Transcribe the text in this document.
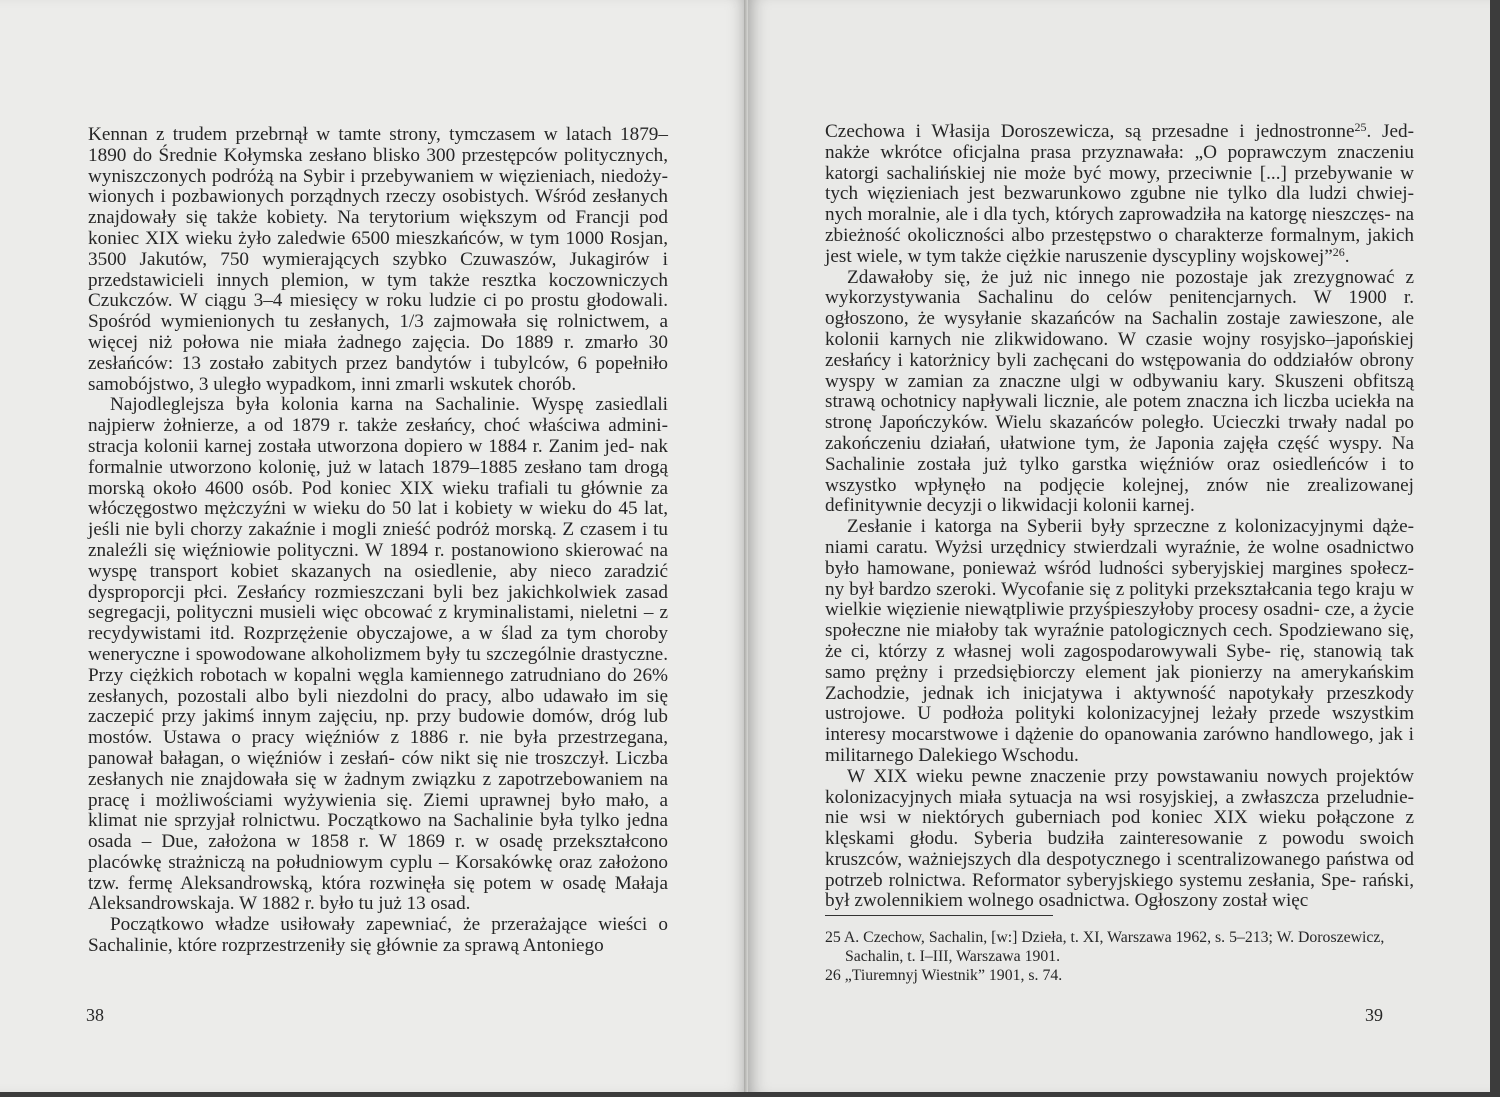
Kennan z trudem przebrnął w tamte strony, tymczasem w latach 1879– 1890 do Średnie Kołymska zesłano blisko 300 przestępców politycznych, wyniszczonych podróżą na Sybir i przebywaniem w więzieniach, niedoży- wionych i pozbawionych porządnych rzeczy osobistych. Wśród zesłanych znajdowały się także kobiety. Na terytorium większym od Francji pod koniec XIX wieku żyło zaledwie 6500 mieszkańców, w tym 1000 Rosjan, 3500 Jakutów, 750 wymierających szybko Czuwaszów, Jukagirów i przedstawicieli innych plemion, w tym także resztka koczowniczych Czukczów. W ciągu 3–4 miesięcy w roku ludzie ci po prostu głodowali. Spośród wymienionych tu zesłanych, 1/3 zajmowała się rolnictwem, a więcej niż połowa nie miała żadnego zajęcia. Do 1889 r. zmarło 30 zesłańców: 13 zostało zabitych przez bandytów i tubylców, 6 popełniło samobójstwo, 3 uległo wypadkom, inni zmarli wskutek chorób.

Najodleglejsza była kolonia karna na Sachalinie. Wyspę zasiedlali najpierw żołnierze, a od 1879 r. także zesłańcy, choć właściwa admini- stracja kolonii karnej została utworzona dopiero w 1884 r. Zanim jed- nak formalnie utworzono kolonię, już w latach 1879–1885 zesłano tam drogą morską około 4600 osób. Pod koniec XIX wieku trafiali tu głównie za włóczęgostwo mężczyźni w wieku do 50 lat i kobiety w wieku do 45 lat, jeśli nie byli chorzy zakaźnie i mogli znieść podróż morską. Z czasem i tu znaleźli się więźniowie polityczni. W 1894 r. postanowiono skierować na wyspę transport kobiet skazanych na osiedlenie, aby nieco zaradzić dysproporcji płci. Zesłańcy rozmieszczani byli bez jakichkolwiek zasad segregacji, polityczni musieli więc obcować z kryminalistami, nieletni – z recydywistami itd. Rozprzężenie obyczajowe, a w ślad za tym choroby weneryczne i spowodowane alkoholizmem były tu szczególnie drastyczne. Przy ciężkich robotach w kopalni węgla kamiennego zatrudniano do 26% zesłanych, pozostali albo byli niezdolni do pracy, albo udawało im się zaczepić przy jakimś innym zajęciu, np. przy budowie domów, dróg lub mostów. Ustawa o pracy więźniów z 1886 r. nie była przestrzegana, panował bałagan, o więźniów i zesłań- ców nikt się nie troszczył. Liczba zesłanych nie znajdowała się w żadnym związku z zapotrzebowaniem na pracę i możliwościami wyżywienia się. Ziemi uprawnej było mało, a klimat nie sprzyjał rolnictwu. Początkowo na Sachalinie była tylko jedna osada – Due, założona w 1858 r. W 1869 r. w osadę przekształcono placówkę strażniczą na południowym cyplu – Korsakówkę oraz założono tzw. fermę Aleksandrowską, która rozwinęła się potem w osadę Małaja Aleksandrowskaja. W 1882 r. było tu już 13 osad.

Początkowo władze usiłowały zapewniać, że przerażające wieści o Sachalinie, które rozprzestrzeniły się głównie za sprawą Antoniego

38

Czechowa i Własija Doroszewicza, są przesadne i jednostronne$^{25}$. Jed- nakże wkrótce oficjalna prasa przyznawała: „O poprawczym znaczeniu katorgi sachalińskiej nie może być mowy, przeciwnie [...] przebywanie w tych więzieniach jest bezwarunkowo zgubne nie tylko dla ludzi chwiej- nych moralnie, ale i dla tych, których zaprowadziła na katorgę nieszczęs- na zbieżność okoliczności albo przestępstwo o charakterze formalnym, jakich jest wiele, w tym także ciężkie naruszenie dyscypliny wojskowej”$^{26}$.

Zdawałoby się, że już nic innego nie pozostaje jak zrezygnować z wykorzystywania Sachalinu do celów penitencjarnych. W 1900 r. ogłoszono, że wysyłanie skazańców na Sachalin zostaje zawieszone, ale kolonii karnych nie zlikwidowano. W czasie wojny rosyjsko–japońskiej zesłańcy i katorżnicy byli zachęcani do wstępowania do oddziałów obrony wyspy w zamian za znaczne ulgi w odbywaniu kary. Skuszeni obfitszą strawą ochotnicy napływali licznie, ale potem znaczna ich liczba uciekła na stronę Japończyków. Wielu skazańców poległo. Ucieczki trwały nadal po zakończeniu działań, ułatwione tym, że Japonia zajęła część wyspy. Na Sachalinie została już tylko garstka więźniów oraz osiedleńców i to wszystko wpłynęło na podjęcie kolejnej, znów nie zrealizowanej definitywnie decyzji o likwidacji kolonii karnej.

Zesłanie i katorga na Syberii były sprzeczne z kolonizacyjnymi dąże- niami caratu. Wyżsi urzędnicy stwierdzali wyraźnie, że wolne osadnictwo było hamowane, ponieważ wśród ludności syberyjskiej margines społecz- ny był bardzo szeroki. Wycofanie się z polityki przekształcania tego kraju w wielkie więzienie niewątpliwie przyśpieszyłoby procesy osadni- cze, a życie społeczne nie miałoby tak wyraźnie patologicznych cech. Spodziewano się, że ci, którzy z własnej woli zagospodarowywali Sybe- rię, stanowią tak samo prężny i przedsiębiorczy element jak pionierzy na amerykańskim Zachodzie, jednak ich inicjatywa i aktywność napotykały przeszkody ustrojowe. U podłoża polityki kolonizacyjnej leżały przede wszystkim interesy mocarstwowe i dążenie do opanowania zarówno handlowego, jak i militarnego Dalekiego Wschodu.

W XIX wieku pewne znaczenie przy powstawaniu nowych projektów kolonizacyjnych miała sytuacja na wsi rosyjskiej, a zwłaszcza przeludnie- nie wsi w niektórych guberniach pod koniec XIX wieku połączone z klęskami głodu. Syberia budziła zainteresowanie z powodu swoich kruszców, ważniejszych dla despotycznego i scentralizowanego państwa od potrzeb rolnictwa. Reformator syberyjskiego systemu zesłania, Spe- rański, był zwolennikiem wolnego osadnictwa. Ogłoszony został więc

25 A. Czechow, Sachalin, [w:] Dzieła, t. XI, Warszawa 1962, s. 5–213; W. Doroszewicz,
Sachalin, t. I–III, Warszawa 1901.
26 „Tiuremnyj Wiestnik” 1901, s. 74.
39
